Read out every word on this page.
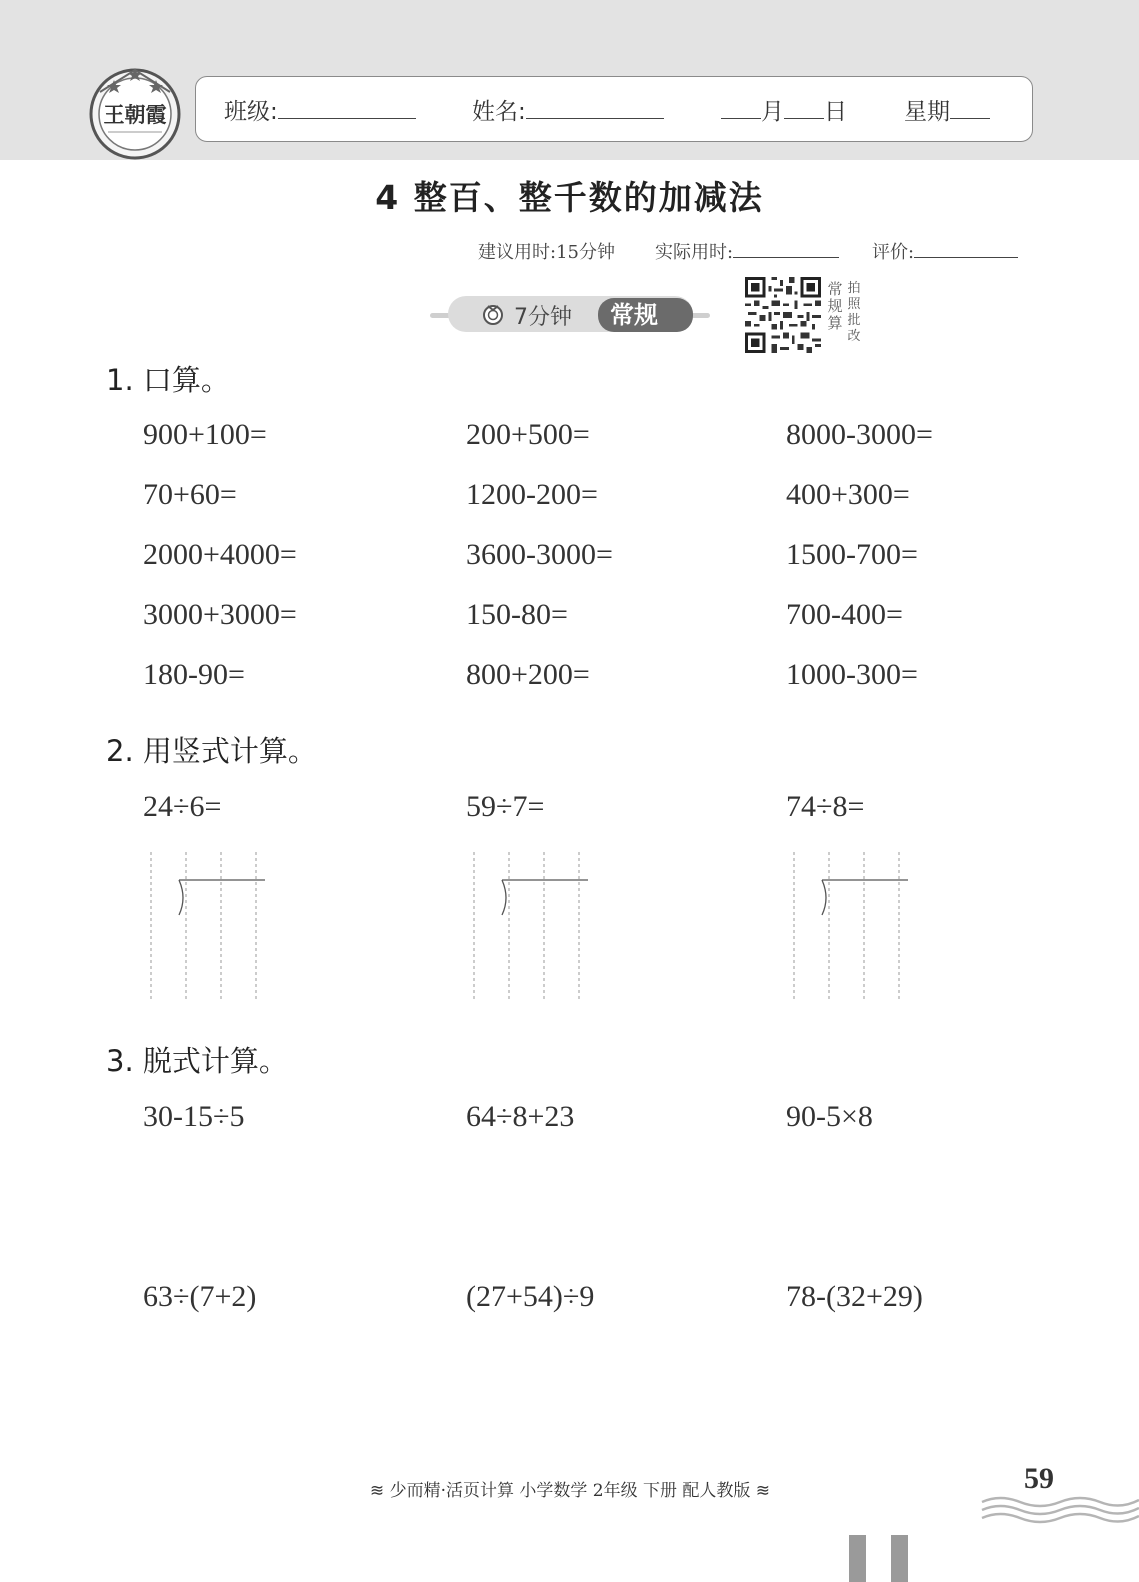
王朝霞	班级:	姓名:	月 日 星期
4 整百、整千数的加减法
建议用时:15分钟 实际用时:	评价:
7分钟	常规算
常规算
拍照批改
1. 口算。
900+100=	200+500=	8000-3000=
70+60=	1200-200=	400+300=
2000+4000=	3600-3000=	1500-700=
3000+3000=	150-80=	700-400=
180-90=	800+200=	1000-300=
2. 用竖式计算。
24÷6=	59÷7=	74÷8=
3. 脱式计算。
30-15÷5	64÷8+23	90-5×8
63÷(7+2)	(27+54)÷9	78-(32+29)
≋ 少而精·活页计算 小学数学 2年级 下册 配人教版 ≋	59
